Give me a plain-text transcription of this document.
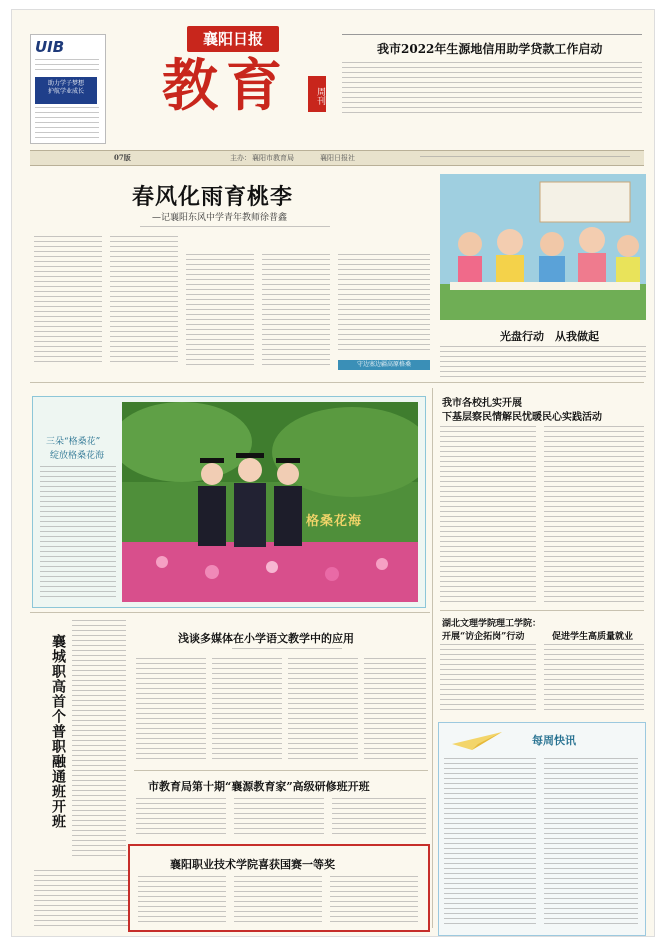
UIB
助力学子梦想
护航学业成长
襄阳日报
教育	周刊
我市2022年生源地信用助学贷款工作启动
07版	主办： 襄阳市教育局	襄阳日报社
春风化雨育桃李
—记襄阳东风中学青年教师徐普鑫
守边塞边疆高原格桑
光盘行动　从我做起
三朵“格桑花”
绽放格桑花海
格桑花海
我市各校扎实开展
下基层察民情解民忧暖民心实践活动
湖北文理学院理工学院：
开展“访企拓岗”行动	促进学生高质量就业
每周快讯
襄城职高首个普职融通班开班	浅谈多媒体在小学语文教学中的应用
市教育局第十期“襄源教育家”高级研修班开班
襄阳职业技术学院喜获国赛一等奖
